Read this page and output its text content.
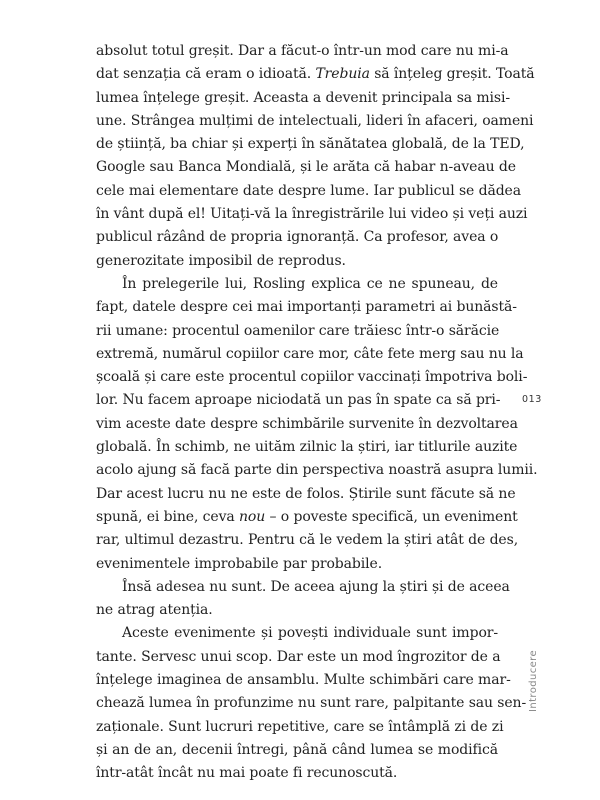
absolut totul greșit. Dar a făcut-o într-un mod care nu mi-a
dat senzația că eram o idioată. Trebuia să înțeleg greșit. Toată
lumea înțelege greșit. Aceasta a devenit principala sa misi-
une. Strângea mulțimi de intelectuali, lideri în afaceri, oameni
de știință, ba chiar și experți în sănătatea globală, de la TED,
Google sau Banca Mondială, și le arăta că habar n-aveau de
cele mai elementare date despre lume. Iar publicul se dădea
în vânt după el! Uitați-vă la înregistrările lui video și veți auzi
publicul râzând de propria ignoranță. Ca profesor, avea o
generozitate imposibil de reprodus.
În prelegerile lui, Rosling explica ce ne spuneau, de
fapt, datele despre cei mai importanți parametri ai bunăstă-
rii umane: procentul oamenilor care trăiesc într-o sărăcie
extremă, numărul copiilor care mor, câte fete merg sau nu la
școală și care este procentul copiilor vaccinați împotriva boli-
lor. Nu facem aproape niciodată un pas în spate ca să pri-
vim aceste date despre schimbările survenite în dezvoltarea
globală. În schimb, ne uităm zilnic la știri, iar titlurile auzite
acolo ajung să facă parte din perspectiva noastră asupra lumii.
Dar acest lucru nu ne este de folos. Știrile sunt făcute să ne
spună, ei bine, ceva nou – o poveste specifică, un eveniment
rar, ultimul dezastru. Pentru că le vedem la știri atât de des,
evenimentele improbabile par probabile.
Însă adesea nu sunt. De aceea ajung la știri și de aceea
ne atrag atenția.
Aceste evenimente și povești individuale sunt impor-
tante. Servesc unui scop. Dar este un mod îngrozitor de a
înțelege imaginea de ansamblu. Multe schimbări care mar-
chează lumea în profunzime nu sunt rare, palpitante sau sen-
zaționale. Sunt lucruri repetitive, care se întâmplă zi de zi
și an de an, decenii întregi, până când lumea se modifică
într-atât încât nu mai poate fi recunoscută.
013
Introducere
